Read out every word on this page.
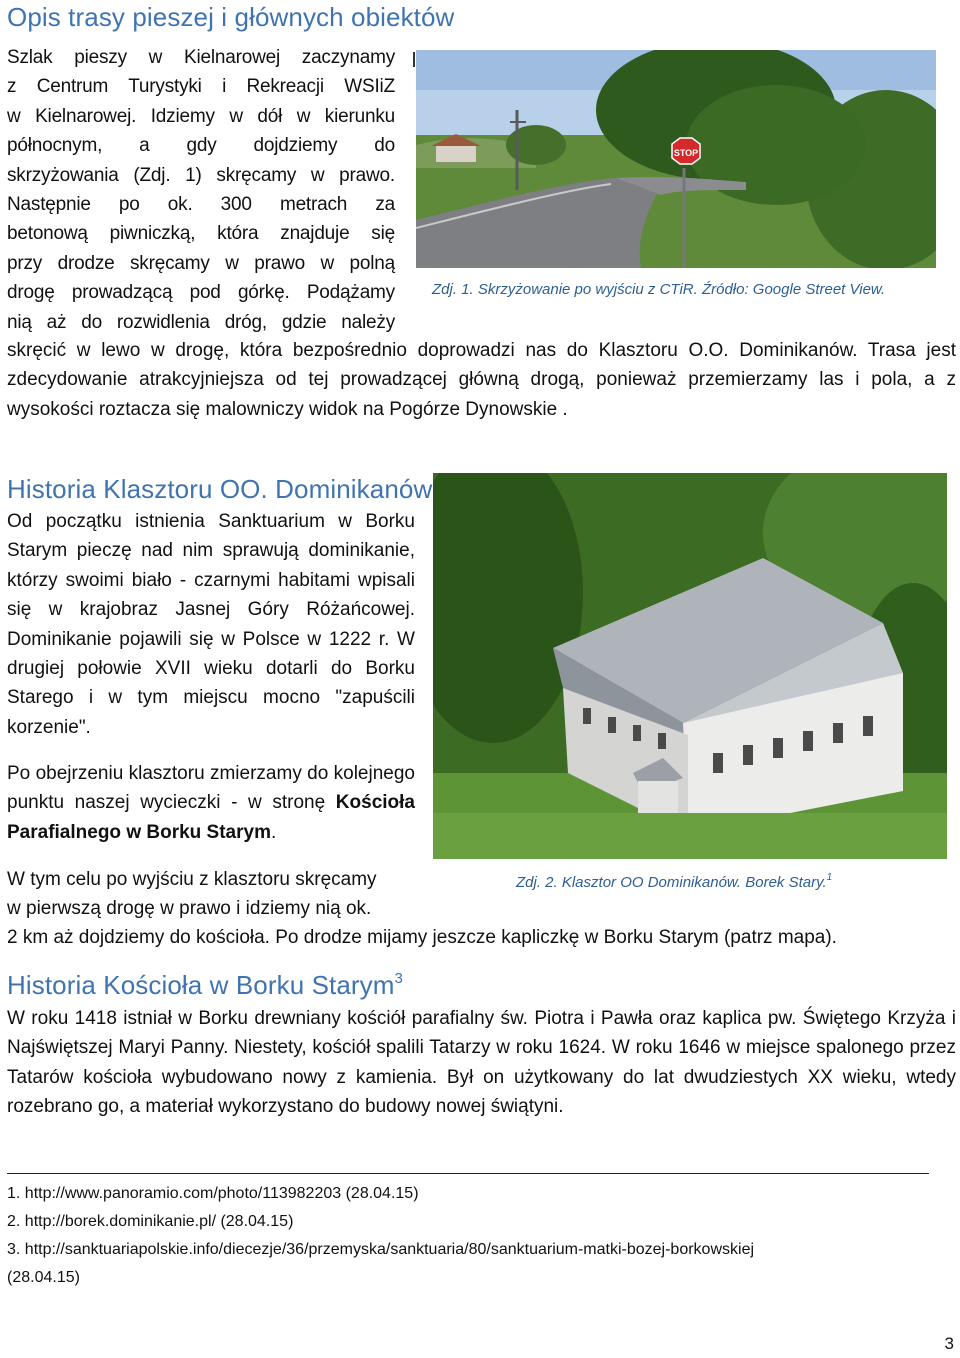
Opis trasy pieszej i głównych obiektów
Szlak pieszy w Kielnarowej zaczynamy
z Centrum Turystyki i Rekreacji WSIiZ
w Kielnarowej. Idziemy w dół w kierunku
północnym, a gdy dojdziemy do
skrzyżowania (Zdj. 1) skręcamy w prawo.
Następnie po ok. 300 metrach za
betonową piwniczką, która znajduje się
przy drodze skręcamy w prawo w polną
drogę prowadzącą pod górkę. Podążamy
nią aż do rozwidlenia dróg, gdzie należy
STOP

Zdj. 1. Skrzyżowanie po wyjściu z CTiR. Źródło: Google Street View.

skręcić w lewo w drogę, która bezpośrednio doprowadzi nas do Klasztoru O.O. Dominikanów. Trasa jest zdecydowanie atrakcyjniejsza od tej prowadzącej główną drogą, ponieważ przemierzamy las i pola, a z wysokości roztacza się malowniczy widok na Pogórze Dynowskie .
Historia Klasztoru OO. Dominikanów
Od początku istnienia Sanktuarium w Borku Starym pieczę nad nim sprawują dominikanie, którzy swoimi biało - czarnymi habitami wpisali się w krajobraz Jasnej Góry Różańcowej. Dominikanie pojawili się w Polsce w 1222 r. W drugiej połowie XVII wieku dotarli do Borku Starego i w tym miejscu mocno "zapuścili korzenie".
Po obejrzeniu klasztoru zmierzamy do kolejnego punktu naszej wycieczki - w stronę Kościoła Parafialnego w Borku Starym.

Zdj. 2. Klasztor OO Dominikanów. Borek Stary.$^1$

W tym celu po wyjściu z klasztoru skręcamy
w pierwszą drogę w prawo i idziemy nią ok.
2 km aż dojdziemy do kościoła. Po drodze mijamy jeszcze kapliczkę w Borku Starym (patrz mapa).
Historia Kościoła w Borku Starym$^3$
W roku 1418 istniał w Borku drewniany kościół parafialny św. Piotra i Pawła oraz kaplica pw. Świętego Krzyża i Najświętszej Maryi Panny. Niestety, kościół spalili Tatarzy w roku 1624. W roku 1646 w miejsce spalonego przez Tatarów kościoła wybudowano nowy z kamienia. Był on użytkowany do lat dwudziestych XX wieku, wtedy rozebrano go, a materiał wykorzystano do budowy nowej świątyni.
1. http://www.panoramio.com/photo/113982203 (28.04.15)
2. http://borek.dominikanie.pl/ (28.04.15)
3. http://sanktuariapolskie.info/diecezje/36/przemyska/sanktuaria/80/sanktuarium-matki-bozej-borkowskiej
(28.04.15)
3
